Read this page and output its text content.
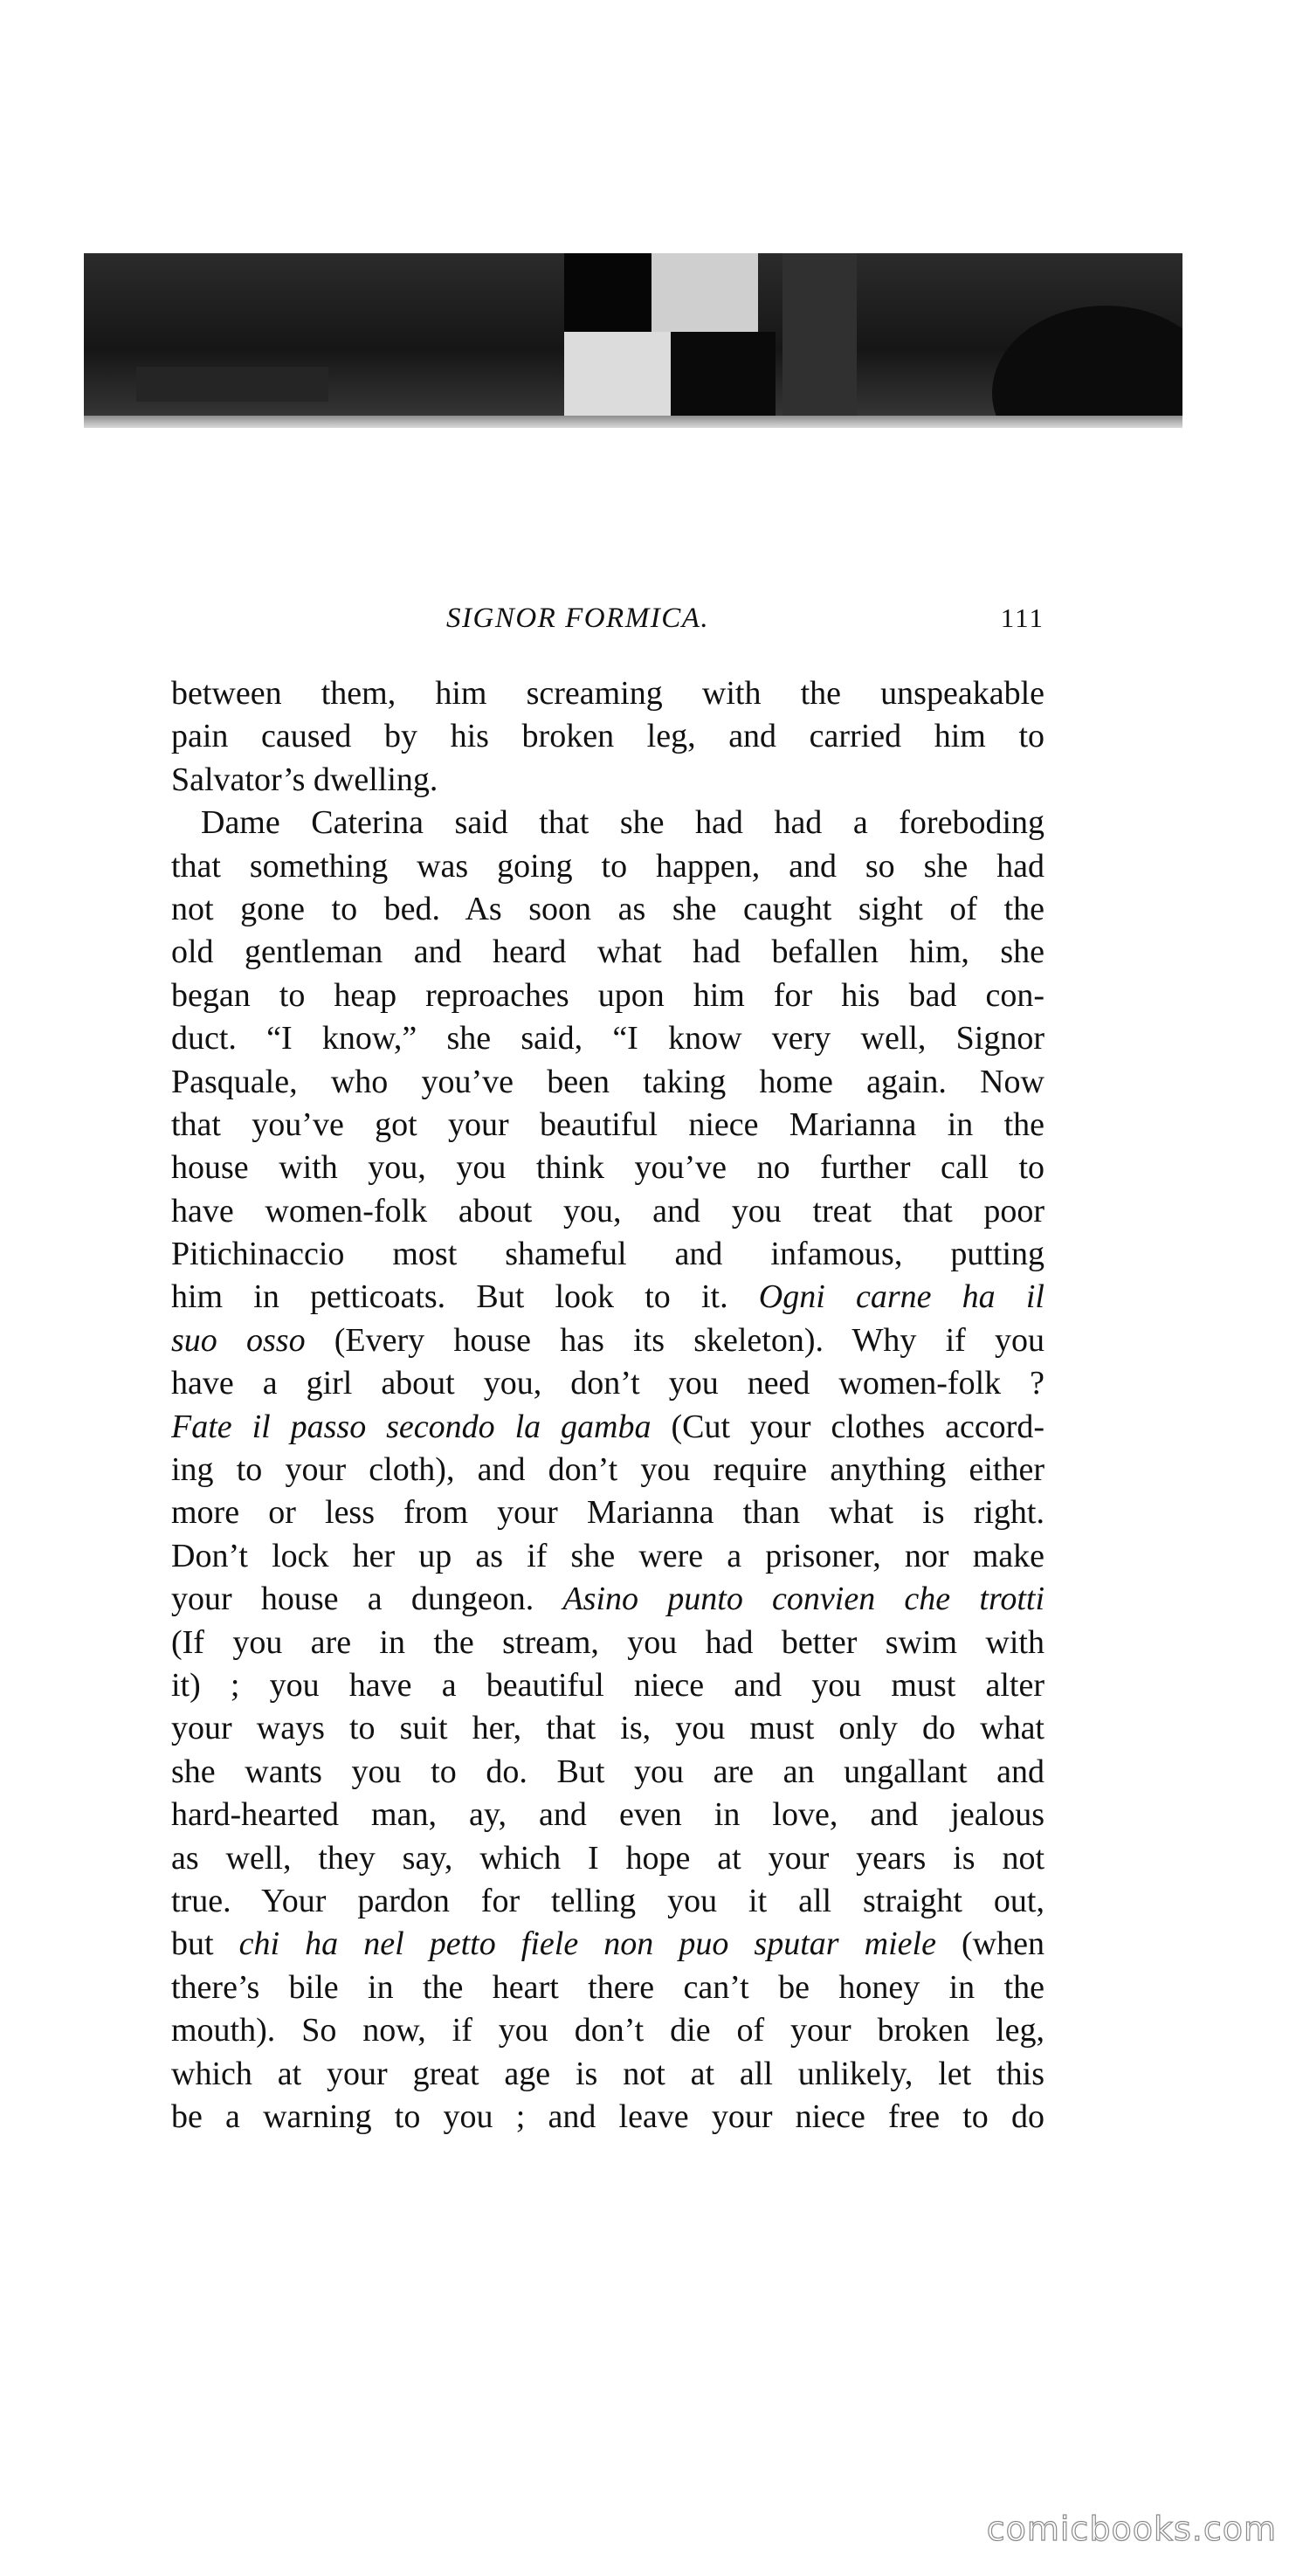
SIGNOR FORMICA.	111
between them, him screaming with the unspeakable
pain caused by his broken leg, and carried him to
Salvator’s dwelling.
Dame Caterina said that she had had a foreboding
that something was going to happen, and so she had
not gone to bed. As soon as she caught sight of the
old gentleman and heard what had befallen him, she
began to heap reproaches upon him for his bad con-
duct. “I know,” she said, “I know very well, Signor
Pasquale, who you’ve been taking home again. Now
that you’ve got your beautiful niece Marianna in the
house with you, you think you’ve no further call to
have women-folk about you, and you treat that poor
Pitichinaccio most shameful and infamous, putting
him in petticoats. But look to it. Ogni carne ha il
suo osso (Every house has its skeleton). Why if you
have a girl about you, don’t you need women-folk ?
Fate il passo secondo la gamba (Cut your clothes accord-
ing to your cloth), and don’t you require anything either
more or less from your Marianna than what is right.
Don’t lock her up as if she were a prisoner, nor make
your house a dungeon. Asino punto convien che trotti
(If you are in the stream, you had better swim with
it) ; you have a beautiful niece and you must alter
your ways to suit her, that is, you must only do what
she wants you to do. But you are an ungallant and
hard-hearted man, ay, and even in love, and jealous
as well, they say, which I hope at your years is not
true. Your pardon for telling you it all straight out,
but chi ha nel petto fiele non puo sputar miele (when
there’s bile in the heart there can’t be honey in the
mouth). So now, if you don’t die of your broken leg,
which at your great age is not at all unlikely, let this
be a warning to you ; and leave your niece free to do
comicbooks.com
